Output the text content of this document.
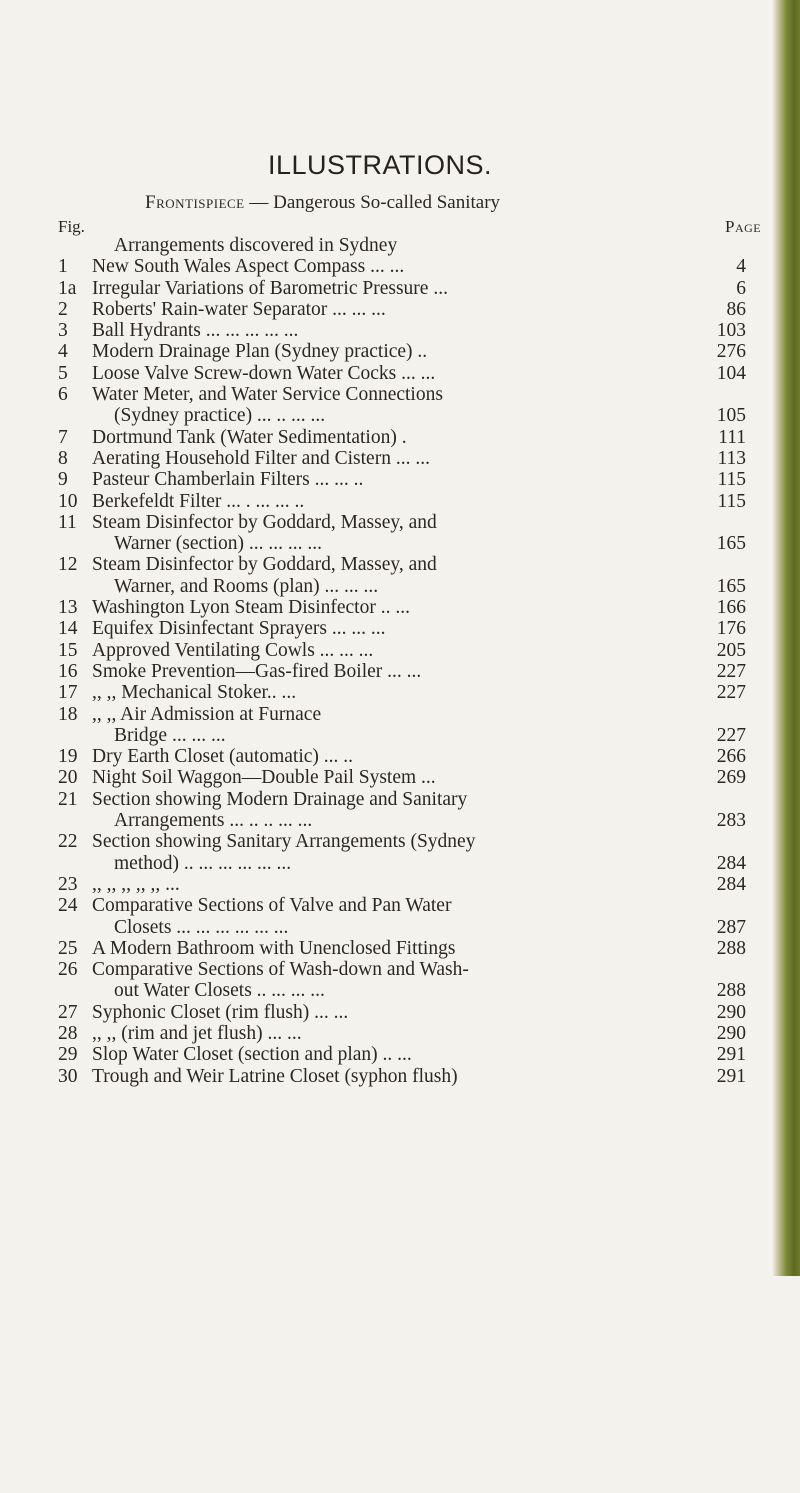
ILLUSTRATIONS.
Frontispiece — Dangerous So-called Sanitary
Fig.	Page
Arrangements discovered in Sydney
1	New South Wales Aspect Compass ... ...	4
1a Irregular Variations of Barometric Pressure ...	6
2	Roberts' Rain-water Separator ... ... ...	86
3	Ball Hydrants ... ... ... ... ...	103
4	Modern Drainage Plan (Sydney practice) ..	276
5	Loose Valve Screw-down Water Cocks ... ...	104
6	Water Meter, and Water Service Connections
(Sydney practice) ... .. ... ...	105
7	Dortmund Tank (Water Sedimentation) .	111
8	Aerating Household Filter and Cistern ... ...	113
9	Pasteur Chamberlain Filters ... ... ..	115
10 Berkefeldt Filter ... . ... ... ..	115
11 Steam Disinfector by Goddard, Massey, and
Warner (section) ... ... ... ...	165
12 Steam Disinfector by Goddard, Massey, and
Warner, and Rooms (plan) ... ... ...	165
13 Washington Lyon Steam Disinfector .. ...	166
14 Equifex Disinfectant Sprayers ... ... ...	176
15 Approved Ventilating Cowls ... ... ...	205
16 Smoke Prevention—Gas-fired Boiler ... ...	227
17 ,, ,, Mechanical Stoker.. ...	227
18 ,, ,, Air Admission at Furnace
Bridge ... ... ...	227
19 Dry Earth Closet (automatic) ... ..	266
20 Night Soil Waggon—Double Pail System ...	269
21 Section showing Modern Drainage and Sanitary
Arrangements ... .. .. ... ...	283
22 Section showing Sanitary Arrangements (Sydney
method) .. ... ... ... ... ...	284
23 ,, ,, ,, ,, ,, ...	284
24 Comparative Sections of Valve and Pan Water
Closets ... ... ... ... ... ...	287
25 A Modern Bathroom with Unenclosed Fittings	288
26 Comparative Sections of Wash-down and Wash-
out Water Closets .. ... ... ...	288
27 Syphonic Closet (rim flush) ... ...	290
28 ,, ,, (rim and jet flush) ... ...	290
29 Slop Water Closet (section and plan) .. ...	291
30 Trough and Weir Latrine Closet (syphon flush)	291
